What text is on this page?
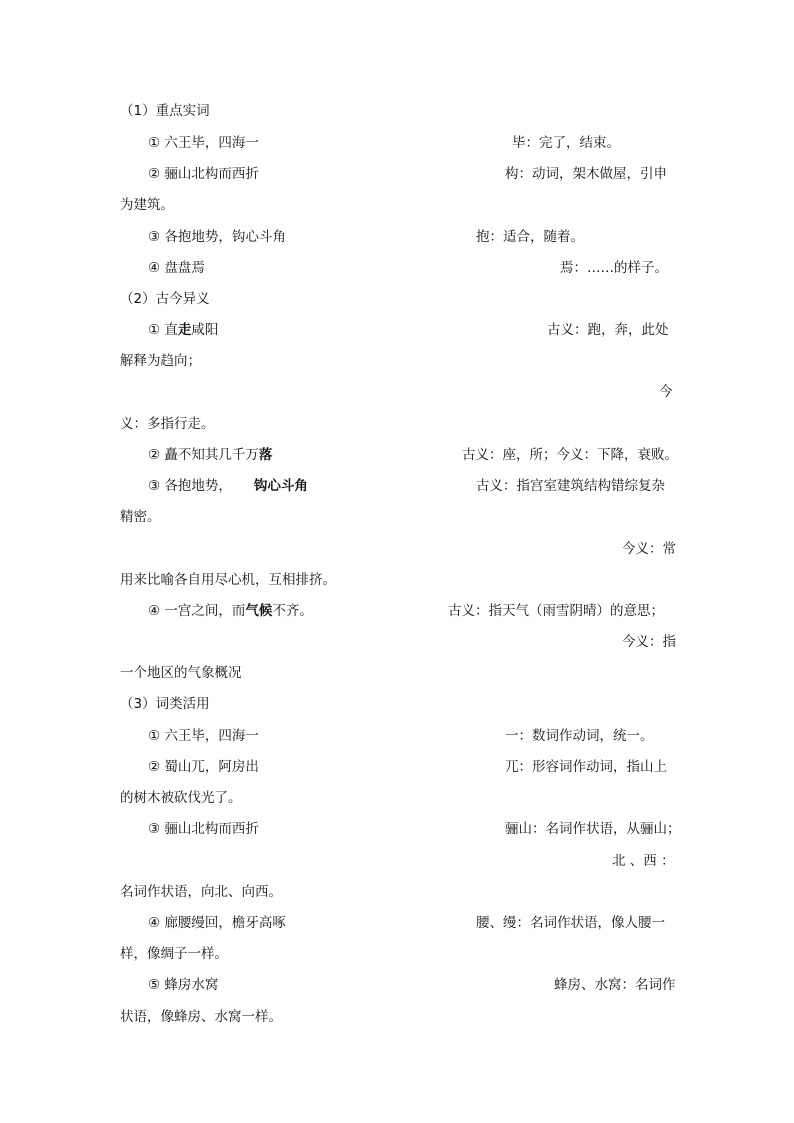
（1）重点实词
① 六王毕，四海一	毕：完了，结束。
② 骊山北构而西折	构：动词，架木做屋，引申
为建筑。
③ 各抱地势，钩心斗角	抱：适合，随着。
④ 盘盘焉	焉：……的样子。
（2）古今异义
① 直走咸阳	古义：跑，奔，此处
解释为趋向；
今
义：多指行走。
② 矗不知其几千万落	古义：座，所；今义：下降，衰败。
③ 各抱地势， 钩心斗角	古义：指宫室建筑结构错综复杂
精密。
今义：常
用来比喻各自用尽心机，互相排挤。
④ 一宫之间，而气候不齐。	古义：指天气（雨雪阴晴）的意思；
今义：指
一个地区的气象概况
（3）词类活用
① 六王毕，四海一	一：数词作动词，统一。
② 蜀山兀，阿房出	兀：形容词作动词，指山上
的树木被砍伐光了。
③ 骊山北构而西折	骊山：名词作状语，从骊山；
北 、西 ：
名词作状语，向北、向西。
④ 廊腰缦回，檐牙高啄	腰、缦：名词作状语，像人腰一
样，像绸子一样。
⑤ 蜂房水窝	蜂房、水窝：名词作
状语，像蜂房、水窝一样。
